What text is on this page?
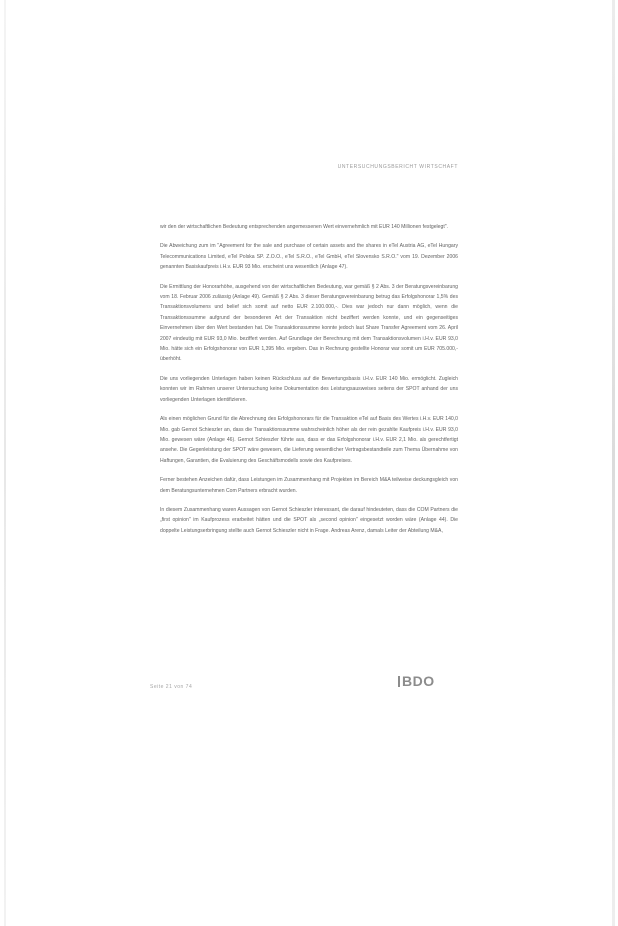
UNTERSUCHUNGSBERICHT WIRTSCHAFT

wir den der wirtschaftlichen Bedeutung entsprechenden angemessenen Wert einvernehmlich mit EUR 140 Millionen festgelegt".

Die Abweichung zum im "Agreement for the sale and purchase of certain assets and the shares in eTel Austria AG, eTel Hungary Telecommunications Limited, eTel Polska SP. Z.O.O., eTel S.R.O., eTel GmbH, eTel Slovensko S.R.O." vom 19. Dezember 2006 genannten Basiskaufpreis i.H.v. EUR 93 Mio. erscheint uns wesentlich (Anlage 47).

Die Ermittlung der Honorarhöhe, ausgehend von der wirtschaftlichen Bedeutung, war gemäß § 2 Abs. 3 der Beratungsvereinbarung vom 18. Februar 2006 zulässig (Anlage 49). Gemäß § 2 Abs. 3 dieser Beratungsvereinbarung betrug das Erfolgshonorar 1,5% des Transaktionsvolumens und belief sich somit auf netto EUR 2.100.000,-. Dies war jedoch nur dann möglich, wenn die Transaktionssumme aufgrund der besonderen Art der Transaktion nicht beziffert werden konnte, und ein gegenseitiges Einvernehmen über den Wert bestanden hat. Die Transaktionssumme konnte jedoch laut Share Transfer Agreement vom 26. April 2007 eindeutig mit EUR 93,0 Mio. beziffert werden. Auf Grundlage der Berechnung mit dem Transaktionsvolumen i.H.v. EUR 93,0 Mio. hätte sich ein Erfolgshonorar von EUR 1,395 Mio. ergeben. Das in Rechnung gestellte Honorar war somit um EUR 705.000,- überhöht.

Die uns vorliegenden Unterlagen haben keinen Rückschluss auf die Bewertungsbasis i.H.v. EUR 140 Mio. ermöglicht. Zugleich konnten wir im Rahmen unserer Untersuchung keine Dokumentation des Leistungsausweises seitens der SPOT anhand der uns vorliegenden Unterlagen identifizieren.

Als einen möglichen Grund für die Abrechnung des Erfolgshonorars für die Transaktion eTel auf Basis des Wertes i.H.v. EUR 140,0 Mio. gab Gernot Schieszler an, dass die Transaktionssumme wahrscheinlich höher als der rein gezahlte Kaufpreis i.H.v. EUR 93,0 Mio. gewesen wäre (Anlage 46). Gernot Schieszler führte aus, dass er das Erfolgshonorar i.H.v. EUR 2,1 Mio. als gerechtfertigt ansehe. Die Gegenleistung der SPOT wäre gewesen, die Lieferung wesentlicher Vertragsbestandteile zum Thema Übernahme von Haftungen, Garantien, die Evaluierung des Geschäftsmodells sowie des Kaufpreises.

Ferner bestehen Anzeichen dafür, dass Leistungen im Zusammenhang mit Projekten im Bereich M&A teilweise deckungsgleich von dem Beratungsunternehmen Com Partners erbracht wurden.

In diesem Zusammenhang waren Aussagen von Gernot Schieszler interessant, die darauf hindeuteten, dass die COM Partners die „first opinion" im Kaufprozess erarbeitet hätten und die SPOT als „second opinion" eingesetzt worden wäre (Anlage 44). Die doppelte Leistungserbringung stellte auch Gernot Schieszler nicht in Frage. Andreas Arenz, damals Leiter der Abteilung M&A,

Seite 21 von 74	BDO
